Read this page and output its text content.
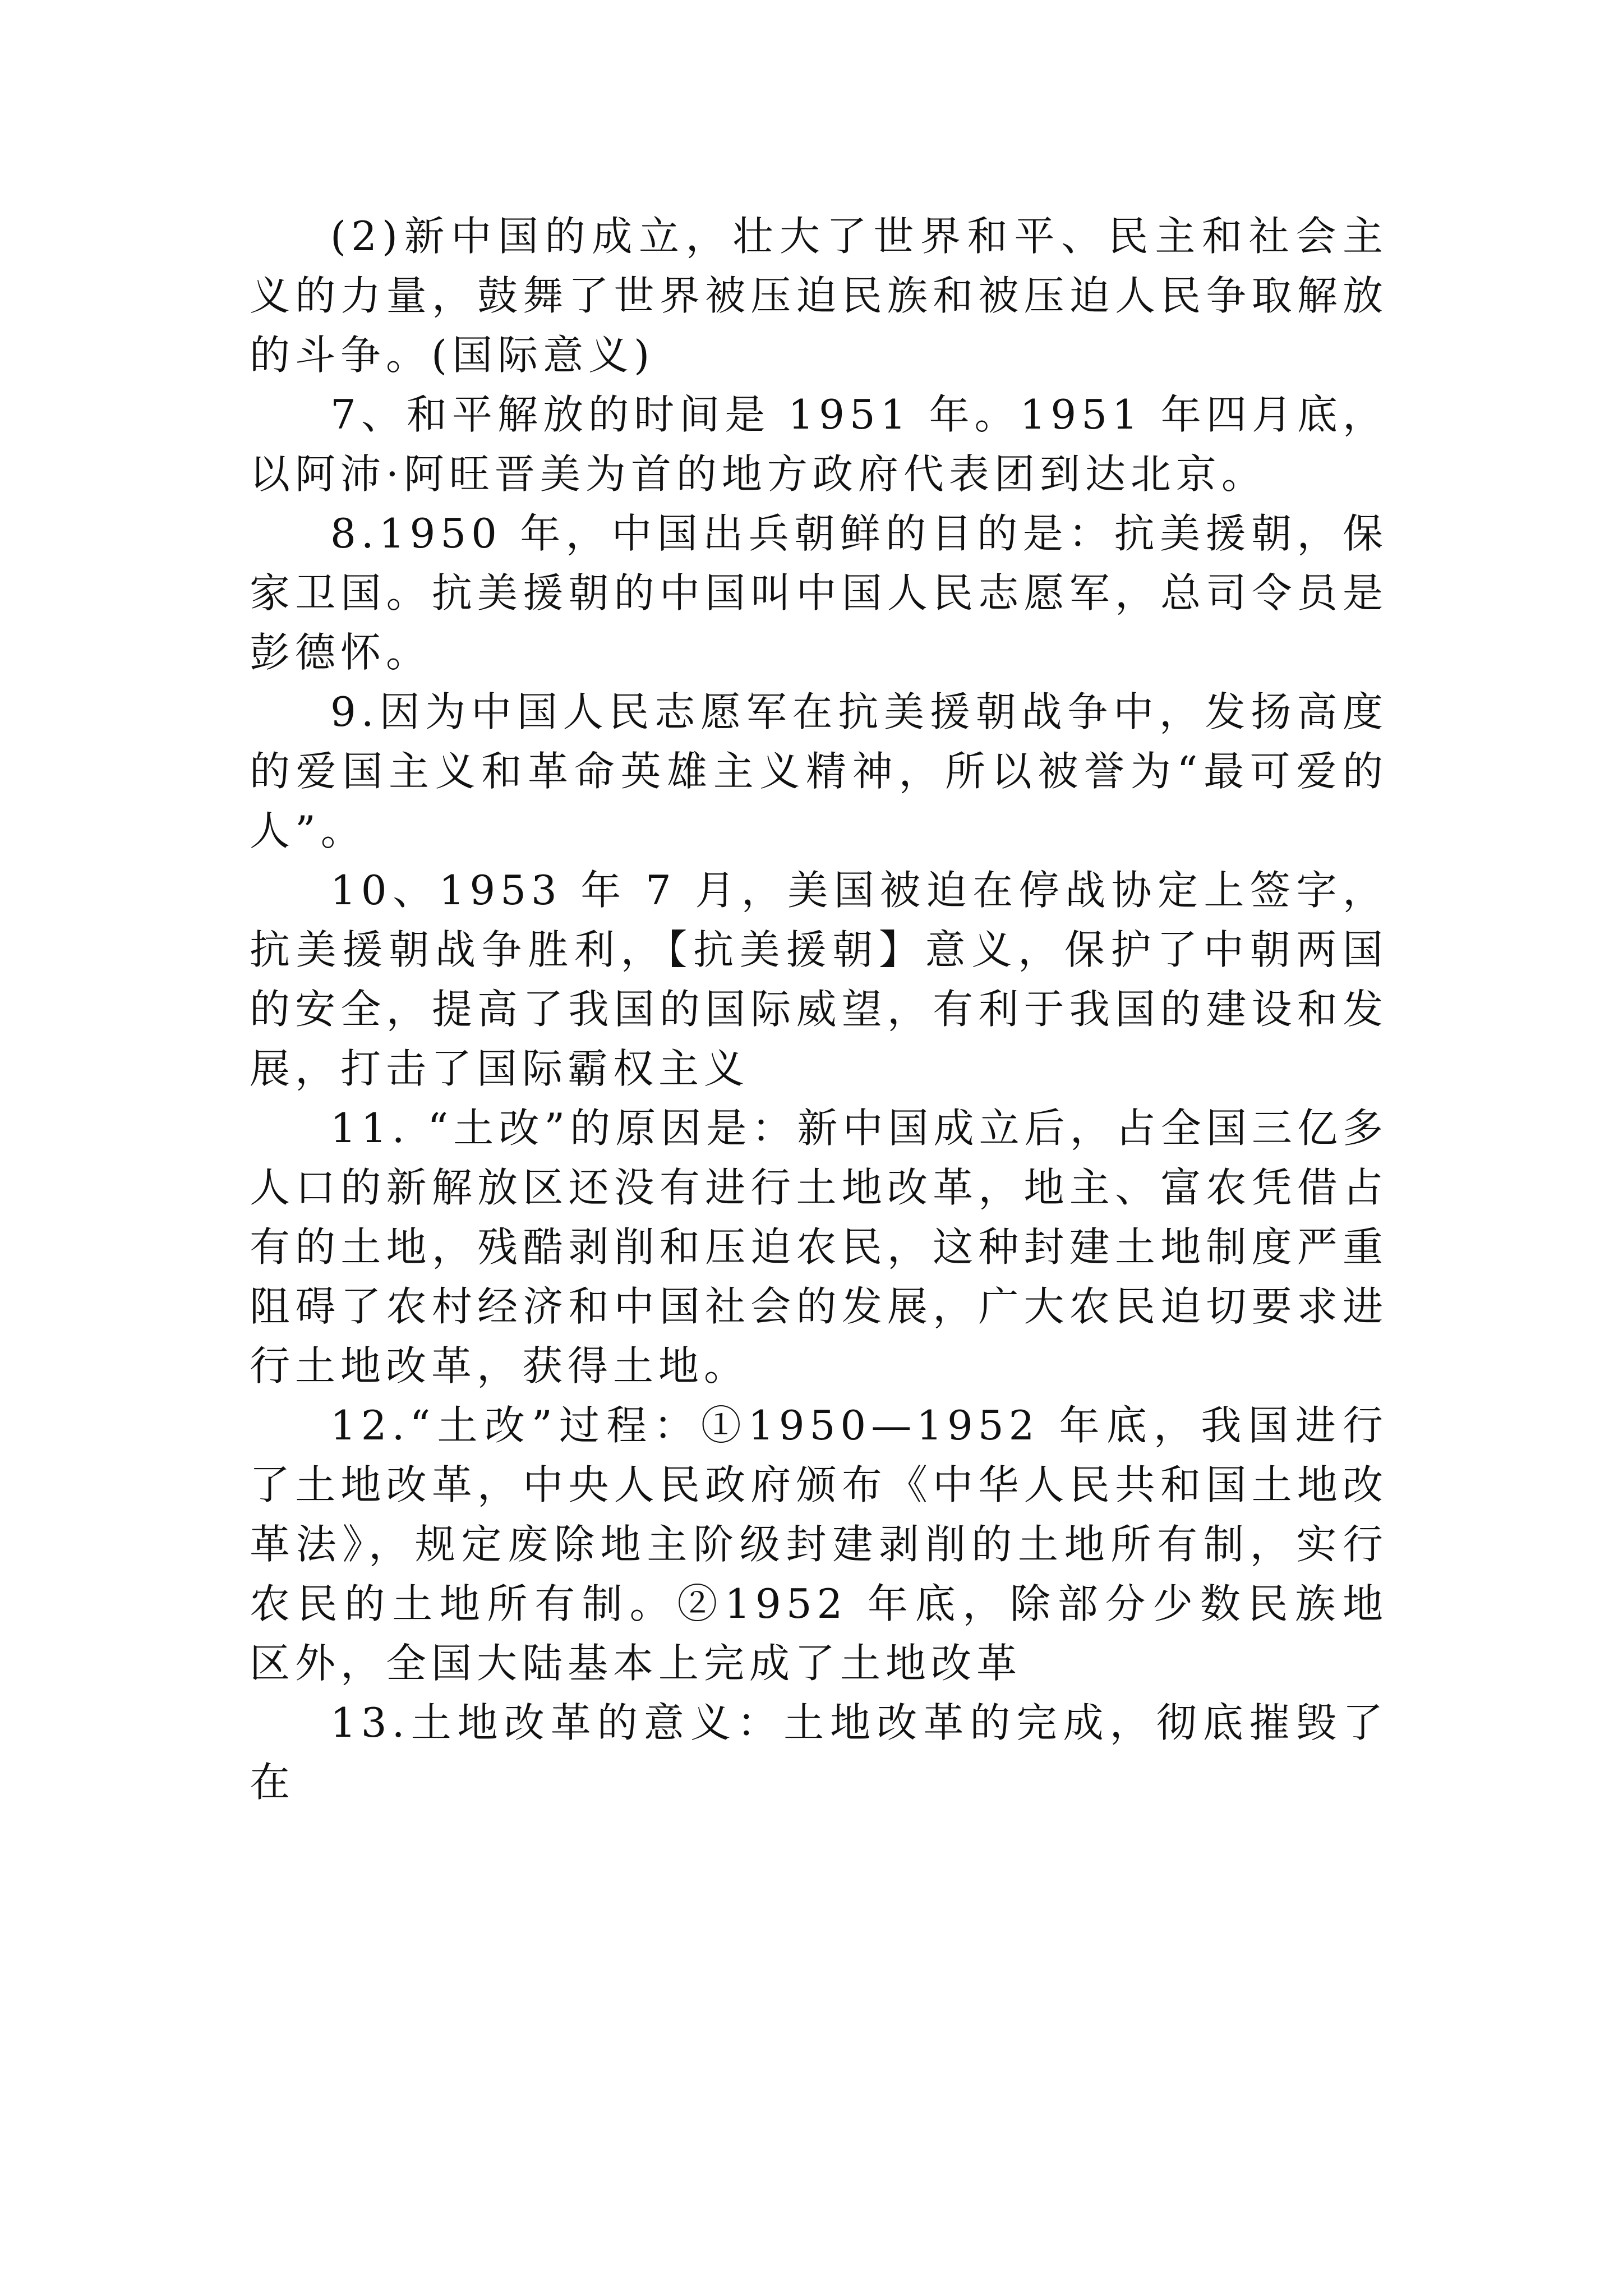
(2)新中国的成立，壮大了世界和平、民主和社会主义的力量，鼓舞了世界被压迫民族和被压迫人民争取解放的斗争。(国际意义)

7、和平解放的时间是 1951 年。1951 年四月底，以阿沛·阿旺晋美为首的地方政府代表团到达北京。

8.1950 年，中国出兵朝鲜的目的是：抗美援朝，保家卫国。抗美援朝的中国叫中国人民志愿军，总司令员是彭德怀。

9.因为中国人民志愿军在抗美援朝战争中，发扬高度的爱国主义和革命英雄主义精神，所以被誉为“最可爱的人”。

10、1953 年 7 月，美国被迫在停战协定上签字，抗美援朝战争胜利，【抗美援朝】意义，保护了中朝两国的安全，提高了我国的国际威望，有利于我国的建设和发展，打击了国际霸权主义

11. “土改”的原因是：新中国成立后，占全国三亿多人口的新解放区还没有进行土地改革，地主、富农凭借占有的土地，残酷剥削和压迫农民，这种封建土地制度严重阻碍了农村经济和中国社会的发展，广大农民迫切要求进行土地改革，获得土地。

12.“土改”过程：①1950—1952 年底，我国进行了土地改革，中央人民政府颁布《中华人民共和国土地改革法》，规定废除地主阶级封建剥削的土地所有制，实行农民的土地所有制。②1952 年底，除部分少数民族地区外，全国大陆基本上完成了土地改革

13.土地改革的意义：土地改革的完成，彻底摧毁了在
